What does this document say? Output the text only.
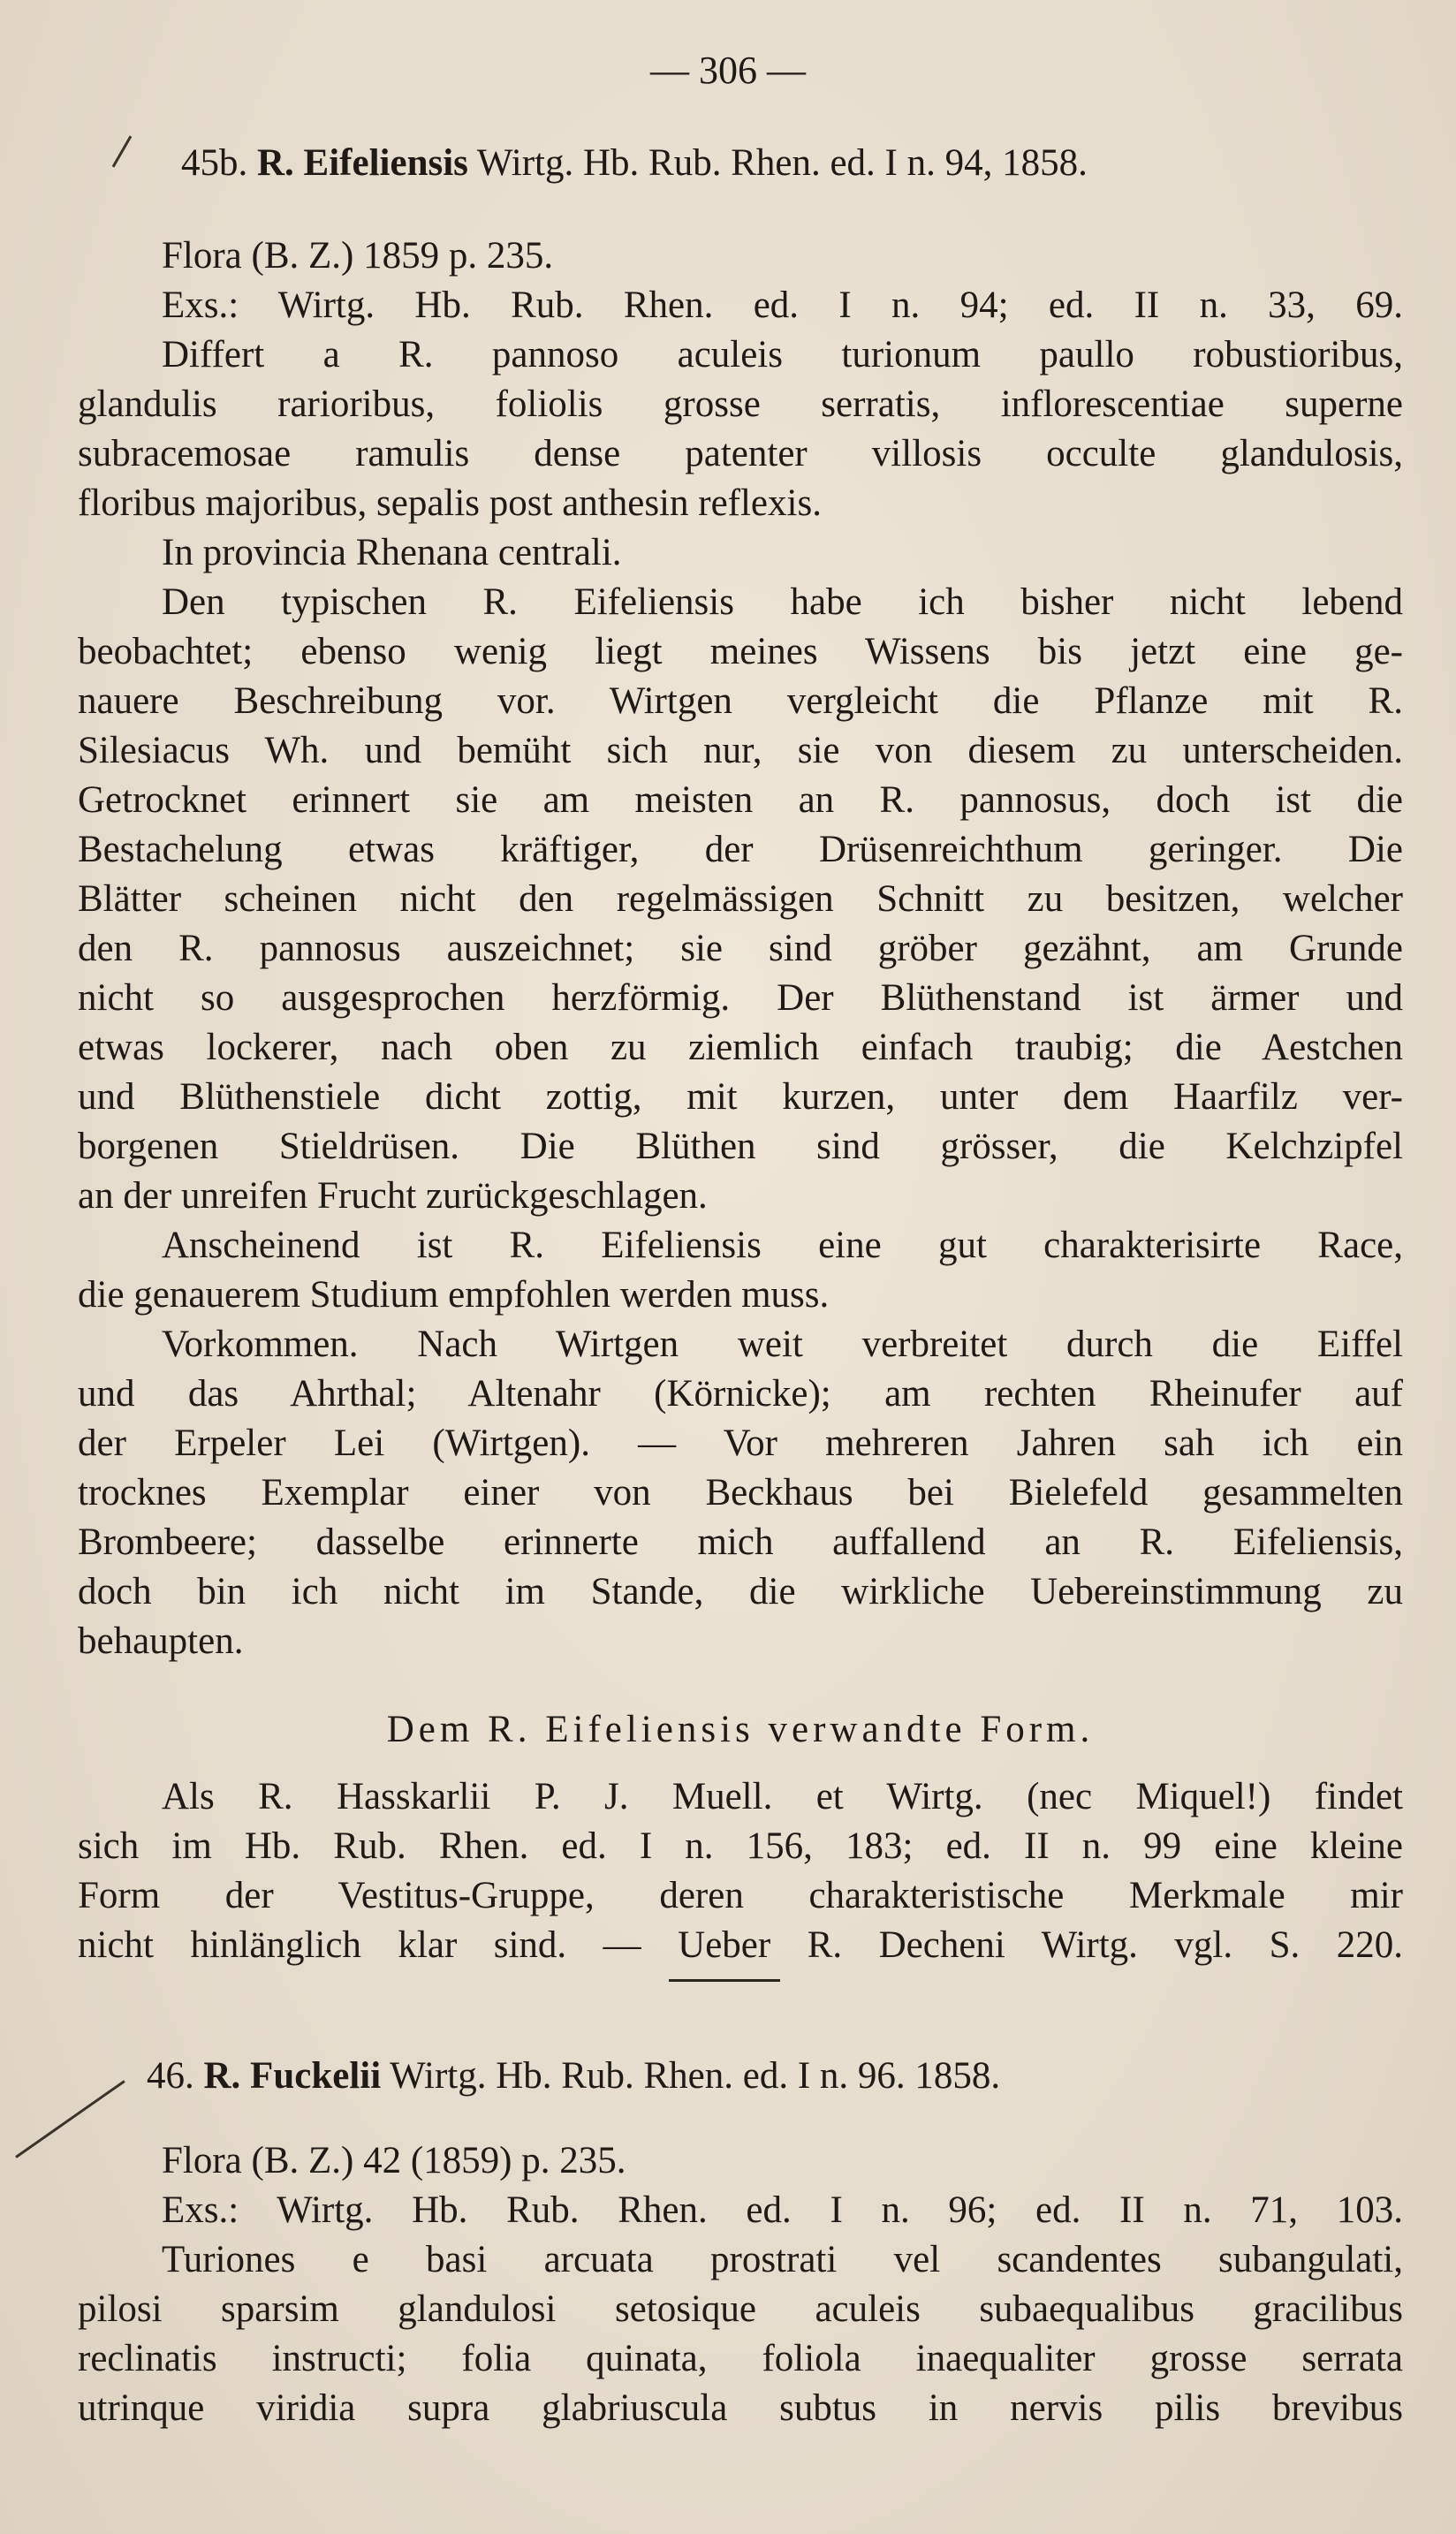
— 306 —
45b. R. Eifeliensis Wirtg. Hb. Rub. Rhen. ed. I n. 94, 1858.
Flora (B. Z.) 1859 p. 235.
Exs.: Wirtg. Hb. Rub. Rhen. ed. I n. 94; ed. II n. 33, 69.
Differt a R. pannoso aculeis turionum paullo robustioribus,
glandulis rarioribus, foliolis grosse serratis, inflorescentiae superne
subracemosae ramulis dense patenter villosis occulte glandulosis,
floribus majoribus, sepalis post anthesin reflexis.
In provincia Rhenana centrali.
Den typischen R. Eifeliensis habe ich bisher nicht lebend
beobachtet; ebenso wenig liegt meines Wissens bis jetzt eine ge-
nauere Beschreibung vor. Wirtgen vergleicht die Pflanze mit R.
Silesiacus Wh. und bemüht sich nur, sie von diesem zu unterscheiden.
Getrocknet erinnert sie am meisten an R. pannosus, doch ist die
Bestachelung etwas kräftiger, der Drüsenreichthum geringer. Die
Blätter scheinen nicht den regelmässigen Schnitt zu besitzen, welcher
den R. pannosus auszeichnet; sie sind gröber gezähnt, am Grunde
nicht so ausgesprochen herzförmig. Der Blüthenstand ist ärmer und
etwas lockerer, nach oben zu ziemlich einfach traubig; die Aestchen
und Blüthenstiele dicht zottig, mit kurzen, unter dem Haarfilz ver-
borgenen Stieldrüsen. Die Blüthen sind grösser, die Kelchzipfel
an der unreifen Frucht zurückgeschlagen.
Anscheinend ist R. Eifeliensis eine gut charakterisirte Race,
die genauerem Studium empfohlen werden muss.
Vorkommen. Nach Wirtgen weit verbreitet durch die Eiffel
und das Ahrthal; Altenahr (Körnicke); am rechten Rheinufer auf
der Erpeler Lei (Wirtgen). — Vor mehreren Jahren sah ich ein
trocknes Exemplar einer von Beckhaus bei Bielefeld gesammelten
Brombeere; dasselbe erinnerte mich auffallend an R. Eifeliensis,
doch bin ich nicht im Stande, die wirkliche Uebereinstimmung zu
behaupten.
Dem R. Eifeliensis verwandte Form.
Als R. Hasskarlii P. J. Muell. et Wirtg. (nec Miquel!) findet
sich im Hb. Rub. Rhen. ed. I n. 156, 183; ed. II n. 99 eine kleine
Form der Vestitus-Gruppe, deren charakteristische Merkmale mir
nicht hinlänglich klar sind. — Ueber R. Decheni Wirtg. vgl. S. 220.
46. R. Fuckelii Wirtg. Hb. Rub. Rhen. ed. I n. 96. 1858.
Flora (B. Z.) 42 (1859) p. 235.
Exs.: Wirtg. Hb. Rub. Rhen. ed. I n. 96; ed. II n. 71, 103.
Turiones e basi arcuata prostrati vel scandentes subangulati,
pilosi sparsim glandulosi setosique aculeis subaequalibus gracilibus
reclinatis instructi; folia quinata, foliola inaequaliter grosse serrata
utrinque viridia supra glabriuscula subtus in nervis pilis brevibus
